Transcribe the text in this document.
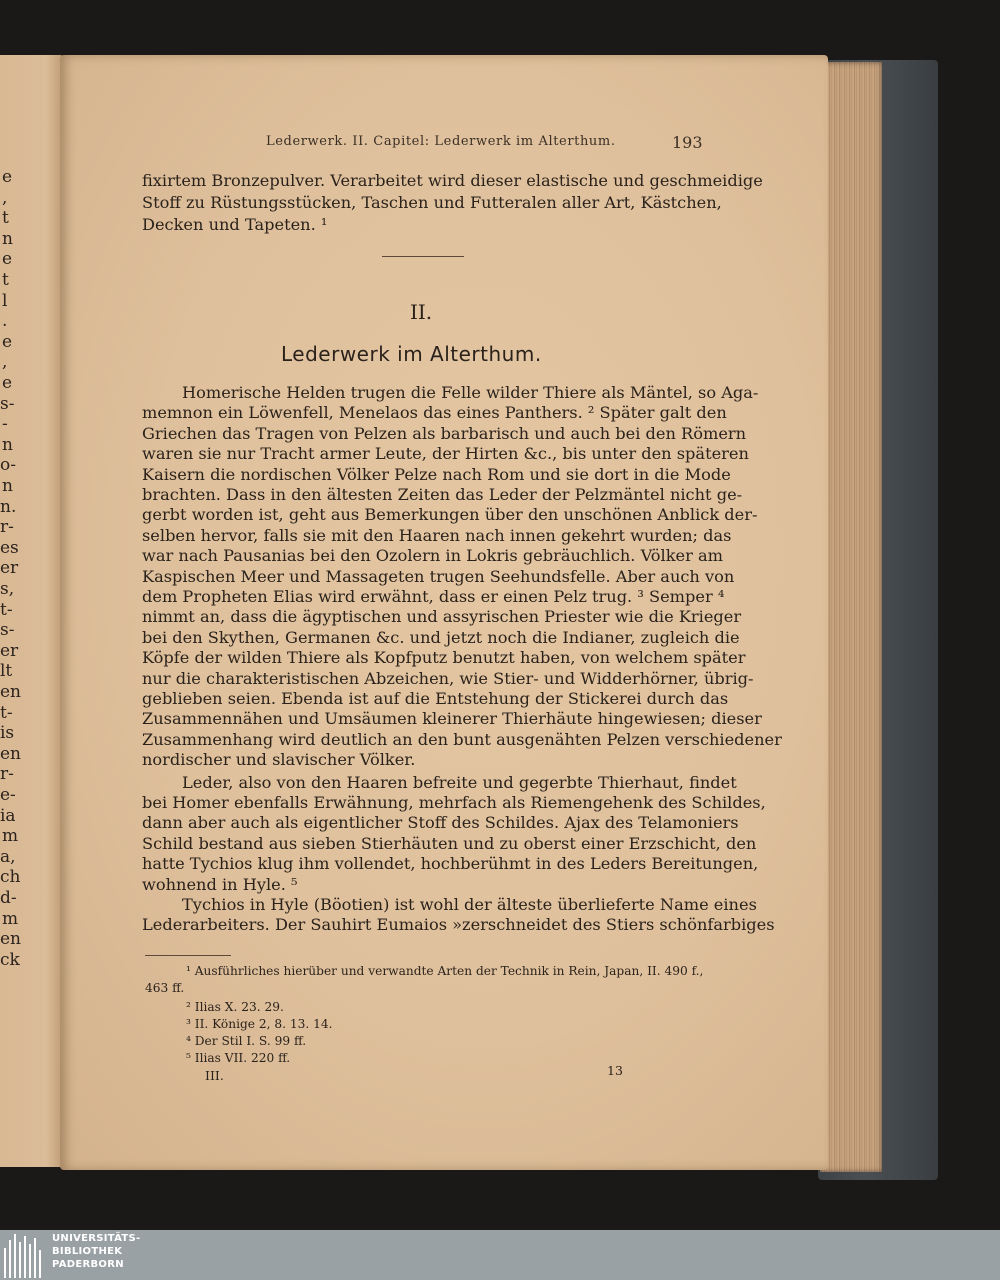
e
,
t
n
e
t
l
.
e
,
e
s-
-
n
o-
n
n.
r-
es
er
s,
t-
s-
er
lt
en
t-
is
en
r-
e-
ia
m
a,
ch
d-
m
en
ck
Lederwerk. II. Capitel: Lederwerk im Alterthum.	193
fixirtem Bronzepulver. Verarbeitet wird dieser elastische und geschmeidige
Stoff zu Rüstungsstücken, Taschen und Futteralen aller Art, Kästchen,
Decken und Tapeten. ¹
II.
Lederwerk im Alterthum.
Homerische Helden trugen die Felle wilder Thiere als Mäntel, so Aga-
memnon ein Löwenfell, Menelaos das eines Panthers. ² Später galt den
Griechen das Tragen von Pelzen als barbarisch und auch bei den Römern
waren sie nur Tracht armer Leute, der Hirten &c., bis unter den späteren
Kaisern die nordischen Völker Pelze nach Rom und sie dort in die Mode
brachten. Dass in den ältesten Zeiten das Leder der Pelzmäntel nicht ge-
gerbt worden ist, geht aus Bemerkungen über den unschönen Anblick der-
selben hervor, falls sie mit den Haaren nach innen gekehrt wurden; das
war nach Pausanias bei den Ozolern in Lokris gebräuchlich. Völker am
Kaspischen Meer und Massageten trugen Seehundsfelle. Aber auch von
dem Propheten Elias wird erwähnt, dass er einen Pelz trug. ³ Semper ⁴
nimmt an, dass die ägyptischen und assyrischen Priester wie die Krieger
bei den Skythen, Germanen &c. und jetzt noch die Indianer, zugleich die
Köpfe der wilden Thiere als Kopfputz benutzt haben, von welchem später
nur die charakteristischen Abzeichen, wie Stier- und Widderhörner, übrig-
geblieben seien. Ebenda ist auf die Entstehung der Stickerei durch das
Zusammennähen und Umsäumen kleinerer Thierhäute hingewiesen; dieser
Zusammenhang wird deutlich an den bunt ausgenähten Pelzen verschiedener
nordischer und slavischer Völker.
Leder, also von den Haaren befreite und gegerbte Thierhaut, findet
bei Homer ebenfalls Erwähnung, mehrfach als Riemengehenk des Schildes,
dann aber auch als eigentlicher Stoff des Schildes. Ajax des Telamoniers
Schild bestand aus sieben Stierhäuten und zu oberst einer Erzschicht, den
hatte Tychios klug ihm vollendet, hochberühmt in des Leders Bereitungen,
wohnend in Hyle. ⁵
Tychios in Hyle (Böotien) ist wohl der älteste überlieferte Name eines
Lederarbeiters. Der Sauhirt Eumaios »zerschneidet des Stiers schönfarbiges
¹ Ausführliches hierüber und verwandte Arten der Technik in Rein, Japan, II. 490 f.,
463 ff.
² Ilias X. 23. 29.
³ II. Könige 2, 8. 13. 14.
⁴ Der Stil I. S. 99 ff.
⁵ Ilias VII. 220 ff.
III.	13
UNIVERSITÄTS-
BIBLIOTHEK
PADERBORN
